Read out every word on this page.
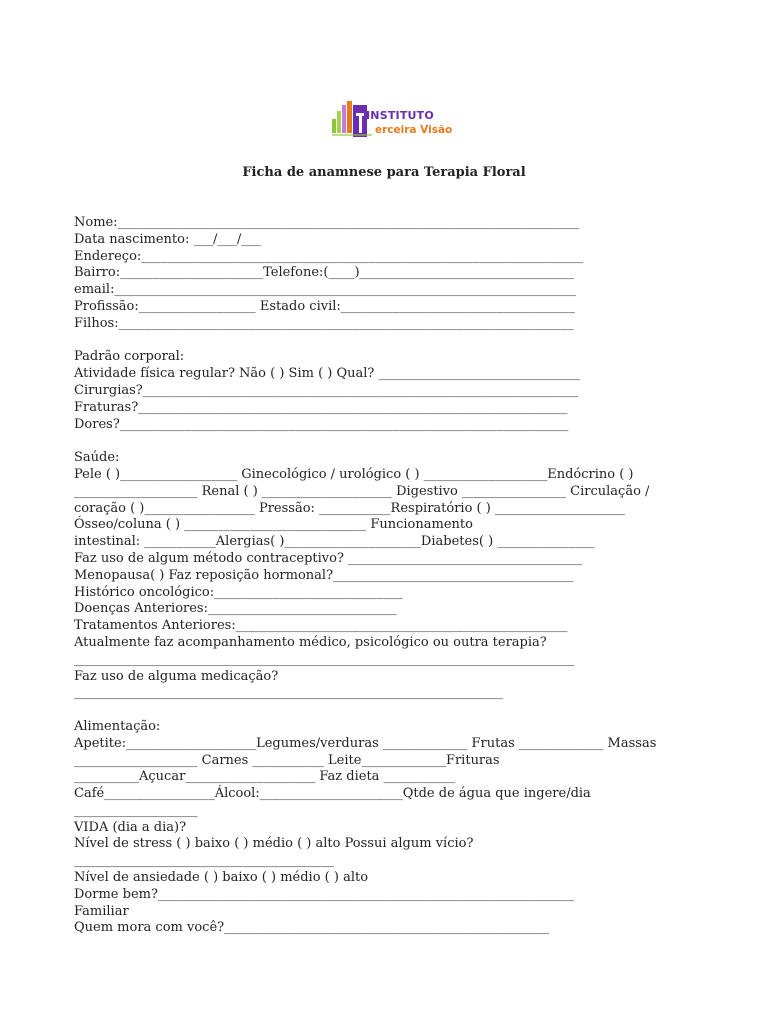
INSTITUTO
erceira Visão
Ficha de anamnese para Terapia Floral
Nome:_______________________________________________________________________
Data nascimento: ___/___/___
Endereço:____________________________________________________________________
Bairro:______________________Telefone:(____)_________________________________
email:_______________________________________________________________________
Profissão:__________________ Estado civil:____________________________________
Filhos:______________________________________________________________________
Padrão corporal:
Atividade física regular? Não ( ) Sim ( ) Qual? _______________________________
Cirurgias?___________________________________________________________________
Fraturas?__________________________________________________________________
Dores?_____________________________________________________________________
Saúde:
Pele ( )__________________ Ginecológico / urológico ( ) ___________________Endócrino ( )
___________________ Renal ( ) ____________________ Digestivo ________________ Circulação /
coração ( )_________________ Pressão: ___________Respiratório ( ) ____________________
Ósseo/coluna ( ) ____________________________ Funcionamento
intestinal: ___________Alergias( )_____________________Diabetes( ) _______________
Faz uso de algum método contraceptivo? ____________________________________
Menopausa( ) Faz reposição hormonal?_____________________________________
Histórico oncológico:_____________________________
Doenças Anteriores:_____________________________
Tratamentos Anteriores:___________________________________________________
Atualmente faz acompanhamento médico, psicológico ou outra terapia?
_____________________________________________________________________________
Faz uso de alguma medicação?
__________________________________________________________________
Alimentação:
Apetite:____________________Legumes/verduras _____________ Frutas _____________ Massas
___________________ Carnes ___________ Leite_____________Frituras
__________Açucar____________________ Faz dieta ___________
Café_________________Álcool:______________________Qtde de água que ingere/dia
___________________
VIDA (dia a dia)?
Nível de stress ( ) baixo ( ) médio ( ) alto Possui algum vício?
________________________________________
Nível de ansiedade ( ) baixo ( ) médio ( ) alto
Dorme bem?________________________________________________________________
Familiar
Quem mora com você?__________________________________________________
